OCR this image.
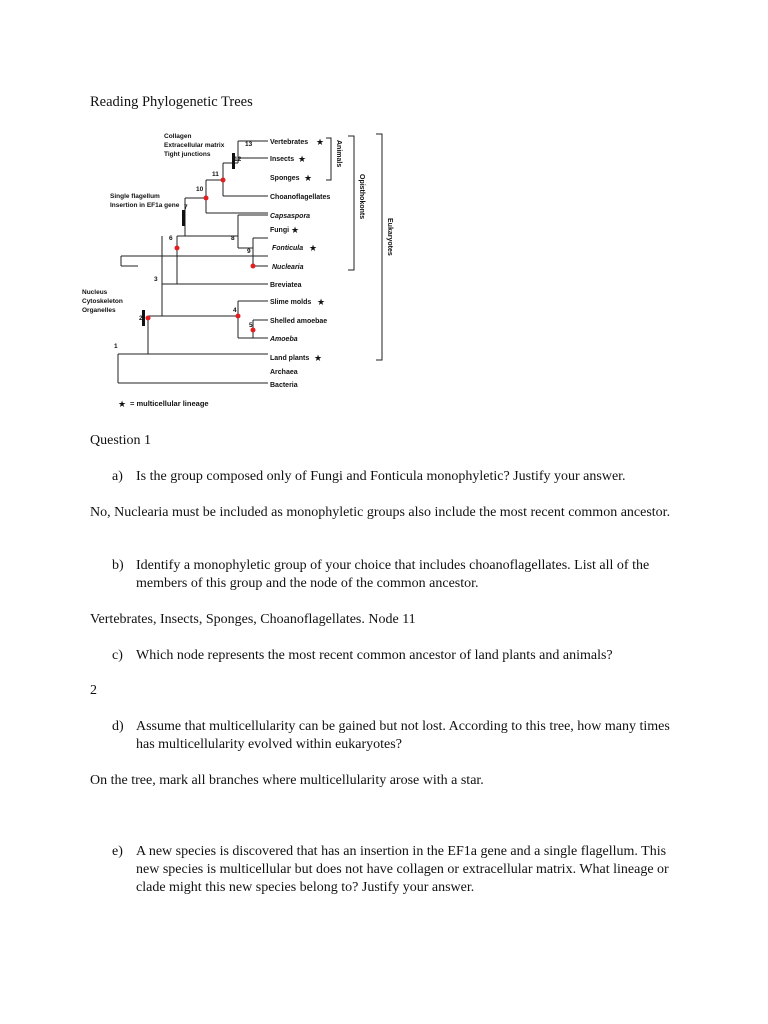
Reading Phylogenetic Trees
1
2
3
4
5
6
7
8
9
10
11
12
13	Vertebrates
Insects
Sponges
Choanoflagellates
Capsaspora
Fungi
Fonticula
Nuclearia
Breviatea
Slime molds
Shelled amoebae
Amoeba
Land plants
Archaea
Bacteria
★
★
★
★
★
★
★
★
Collagen
Extracellular matrix
Tight junctions
Single flagellum
Insertion in EF1a gene
Nucleus
Cytoskeleton
Organelles
Animals
Opisthokonts
Eukaryotes
= multicellular lineage
Question 1
a) Is the group composed only of Fungi and Fonticula monophyletic? Justify your answer.
No, Nuclearia must be included as monophyletic groups also include the most recent common ancestor.
b) Identify a monophyletic group of your choice that includes choanoflagellates. List all of the members of this group and the node of the common ancestor.
Vertebrates, Insects, Sponges, Choanoflagellates. Node 11
c) Which node represents the most recent common ancestor of land plants and animals?
2
d) Assume that multicellularity can be gained but not lost. According to this tree, how many times has multicellularity evolved within eukaryotes?
On the tree, mark all branches where multicellularity arose with a star.
e) A new species is discovered that has an insertion in the EF1a gene and a single flagellum. This new species is multicellular but does not have collagen or extracellular matrix. What lineage or clade might this new species belong to? Justify your answer.
